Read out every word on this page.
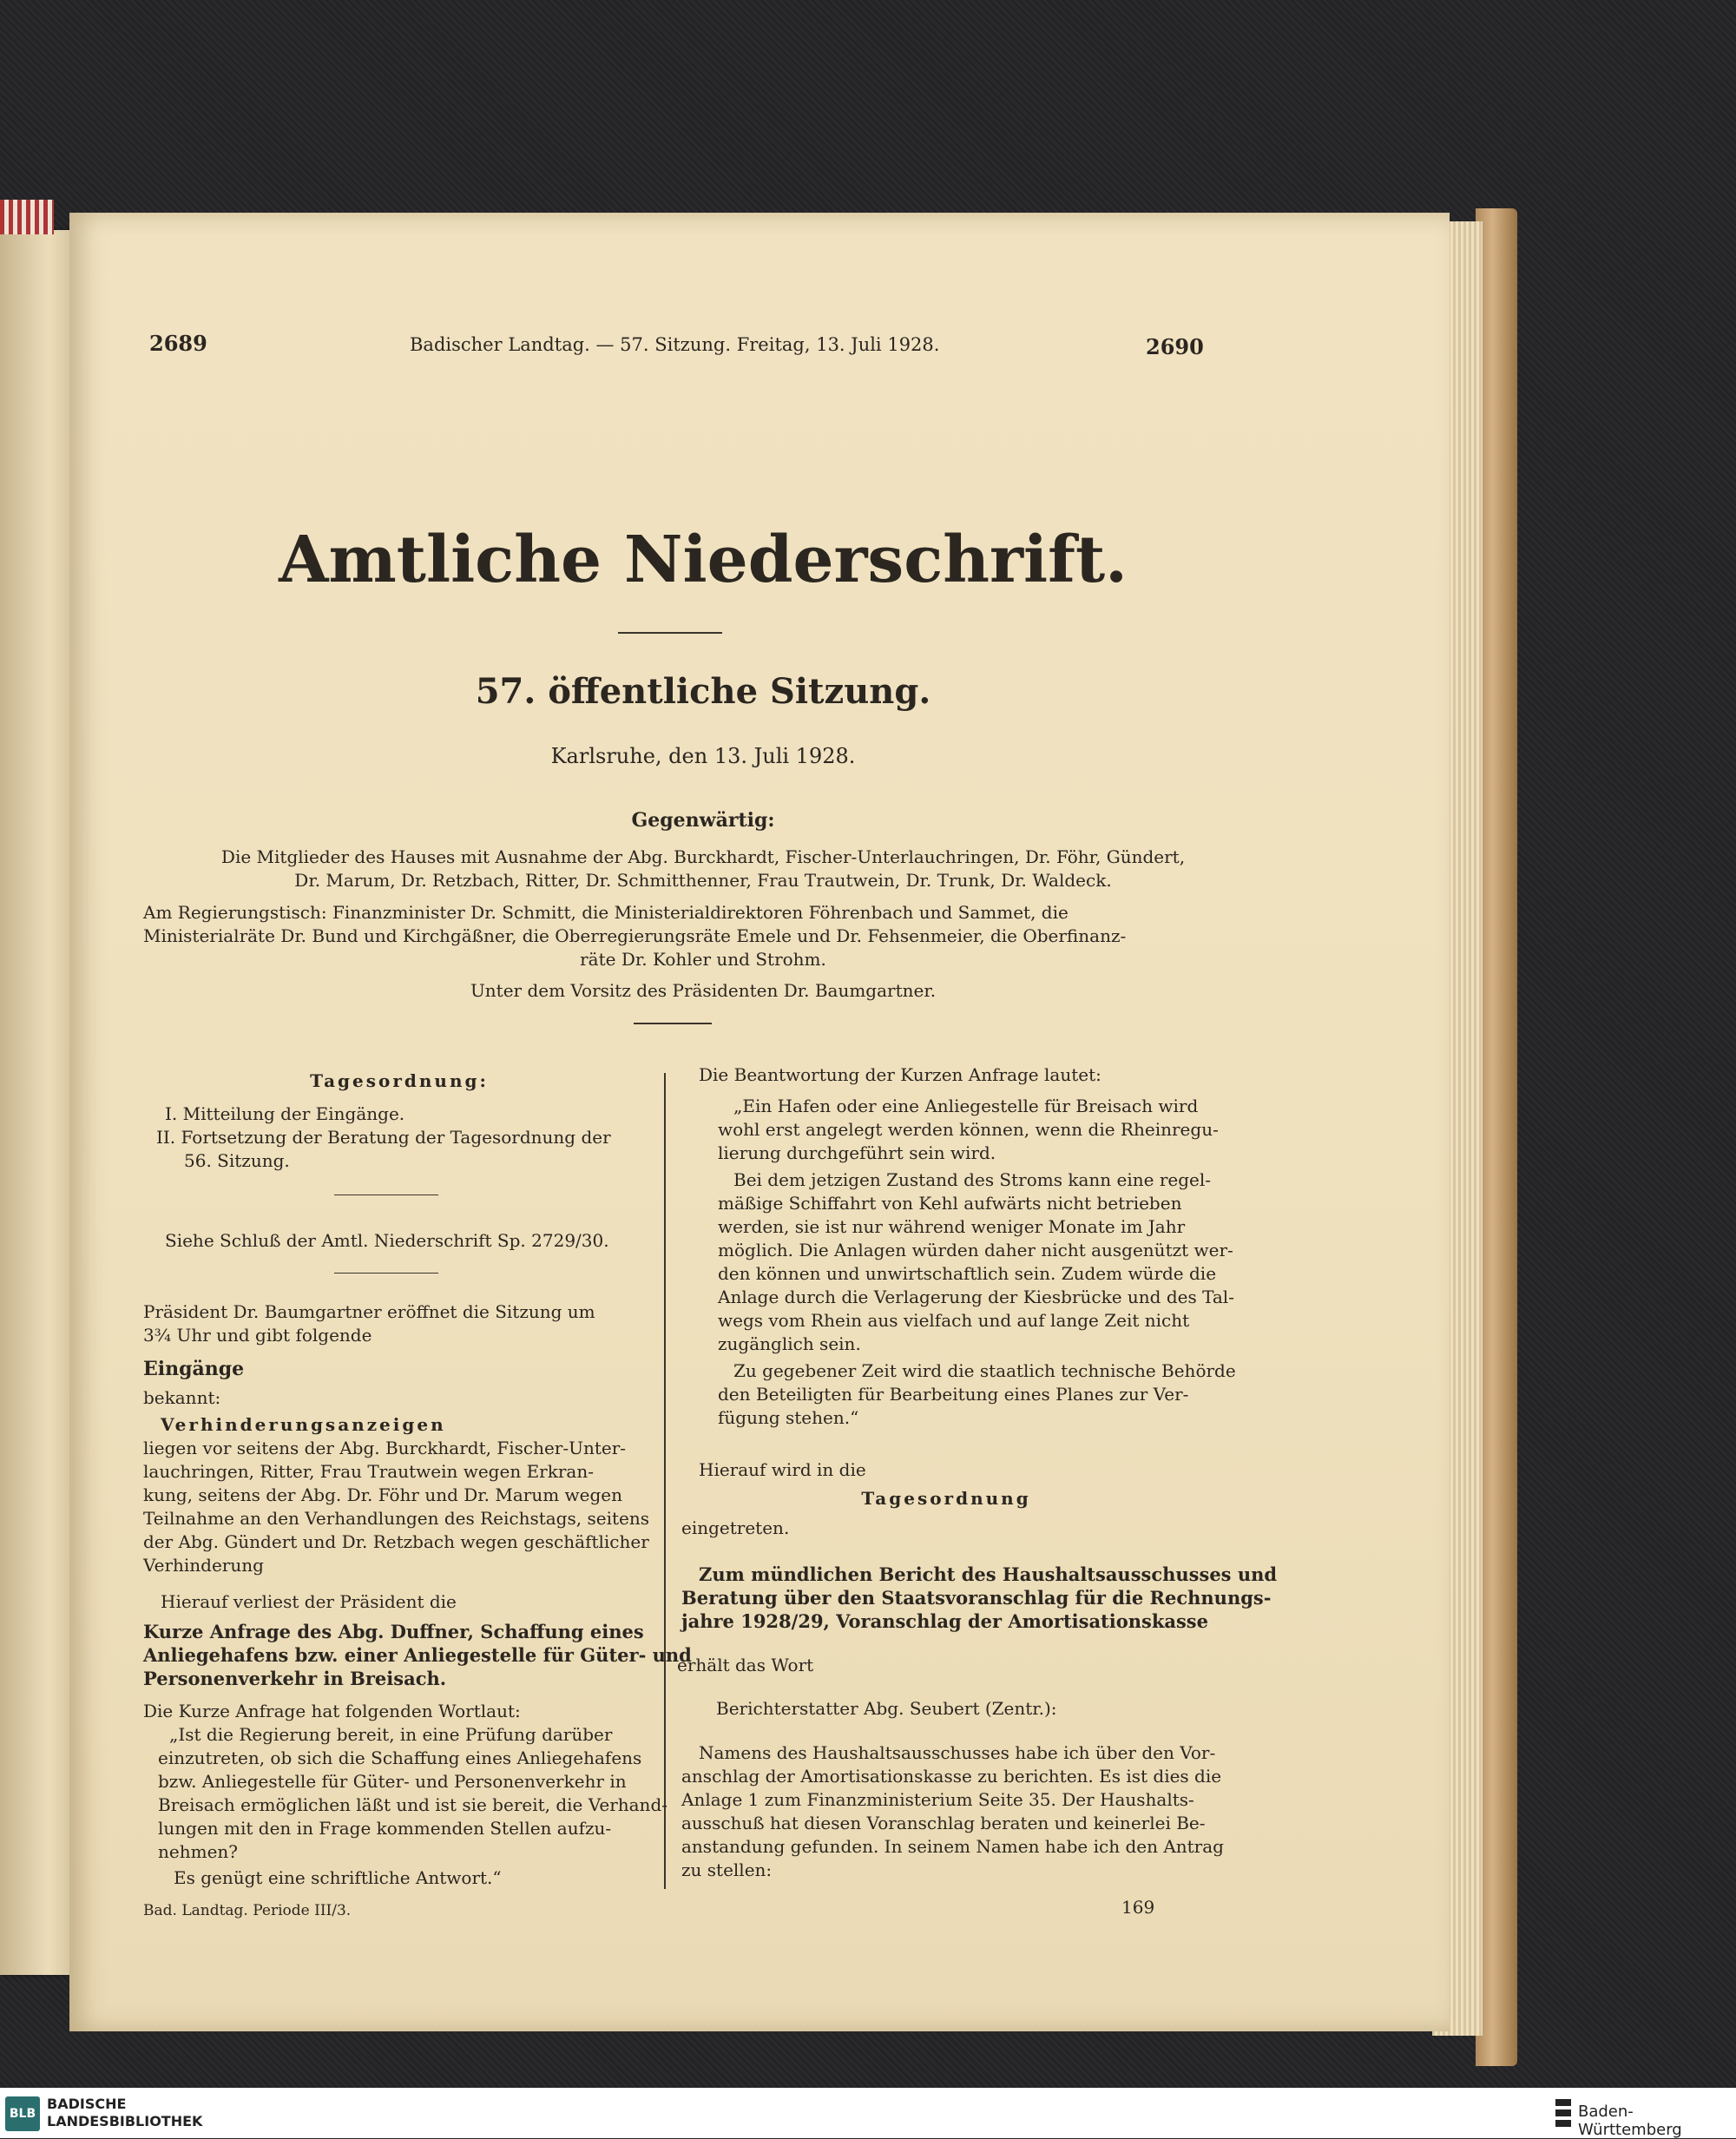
2689	Badischer Landtag. — 57. Sitzung. Freitag, 13. Juli 1928.	2690
Amtliche Niederschrift.
57. öffentliche Sitzung.
Karlsruhe, den 13. Juli 1928.
Gegenwärtig:
Die Mitglieder des Hauses mit Ausnahme der Abg. Burckhardt, Fischer-Unterlauchringen, Dr. Föhr, Gündert,
Dr. Marum, Dr. Retzbach, Ritter, Dr. Schmitthenner, Frau Trautwein, Dr. Trunk, Dr. Waldeck.
Am Regierungstisch: Finanzminister Dr. Schmitt, die Ministerialdirektoren Föhrenbach und Sammet, die
Ministerialräte Dr. Bund und Kirchgäßner, die Oberregierungsräte Emele und Dr. Fehsenmeier, die Oberfinanz-
räte Dr. Kohler und Strohm.
Unter dem Vorsitz des Präsidenten Dr. Baumgartner.
Tagesordnung:
I. Mitteilung der Eingänge.
II. Fortsetzung der Beratung der Tagesordnung der
56. Sitzung.
Siehe Schluß der Amtl. Niederschrift Sp. 2729/30.
Präsident Dr. Baumgartner eröffnet die Sitzung um
3¾ Uhr und gibt folgende
Eingänge
bekannt:
Verhinderungsanzeigen
liegen vor seitens der Abg. Burckhardt, Fischer-Unter-
lauchringen, Ritter, Frau Trautwein wegen Erkran-
kung, seitens der Abg. Dr. Föhr und Dr. Marum wegen
Teilnahme an den Verhandlungen des Reichstags, seitens
der Abg. Gündert und Dr. Retzbach wegen geschäftlicher
Verhinderung
Hierauf verliest der Präsident die
Kurze Anfrage des Abg. Duffner, Schaffung eines
Anliegehafens bzw. einer Anliegestelle für Güter- und
Personenverkehr in Breisach.
Die Kurze Anfrage hat folgenden Wortlaut:
„Ist die Regierung bereit, in eine Prüfung darüber
einzutreten, ob sich die Schaffung eines Anliegehafens
bzw. Anliegestelle für Güter- und Personenverkehr in
Breisach ermöglichen läßt und ist sie bereit, die Verhand-
lungen mit den in Frage kommenden Stellen aufzu-
nehmen?
Es genügt eine schriftliche Antwort.“
Bad. Landtag. Periode III/3.
Die Beantwortung der Kurzen Anfrage lautet:
„Ein Hafen oder eine Anliegestelle für Breisach wird
wohl erst angelegt werden können, wenn die Rheinregu-
lierung durchgeführt sein wird.
Bei dem jetzigen Zustand des Stroms kann eine regel-
mäßige Schiffahrt von Kehl aufwärts nicht betrieben
werden, sie ist nur während weniger Monate im Jahr
möglich. Die Anlagen würden daher nicht ausgenützt wer-
den können und unwirtschaftlich sein. Zudem würde die
Anlage durch die Verlagerung der Kiesbrücke und des Tal-
wegs vom Rhein aus vielfach und auf lange Zeit nicht
zugänglich sein.
Zu gegebener Zeit wird die staatlich technische Behörde
den Beteiligten für Bearbeitung eines Planes zur Ver-
fügung stehen.“
Hierauf wird in die
Tagesordnung
eingetreten.
Zum mündlichen Bericht des Haushaltsausschusses und
Beratung über den Staatsvoranschlag für die Rechnungs-
jahre 1928/29, Voranschlag der Amortisationskasse
erhält das Wort
Berichterstatter Abg. Seubert (Zentr.):
Namens des Haushaltsausschusses habe ich über den Vor-
anschlag der Amortisationskasse zu berichten. Es ist dies die
Anlage 1 zum Finanzministerium Seite 35. Der Haushalts-
ausschuß hat diesen Voranschlag beraten und keinerlei Be-
anstandung gefunden. In seinem Namen habe ich den Antrag
zu stellen:
169
BLB
BADISCHE
LANDESBIBLIOTHEK
Baden-Württemberg
